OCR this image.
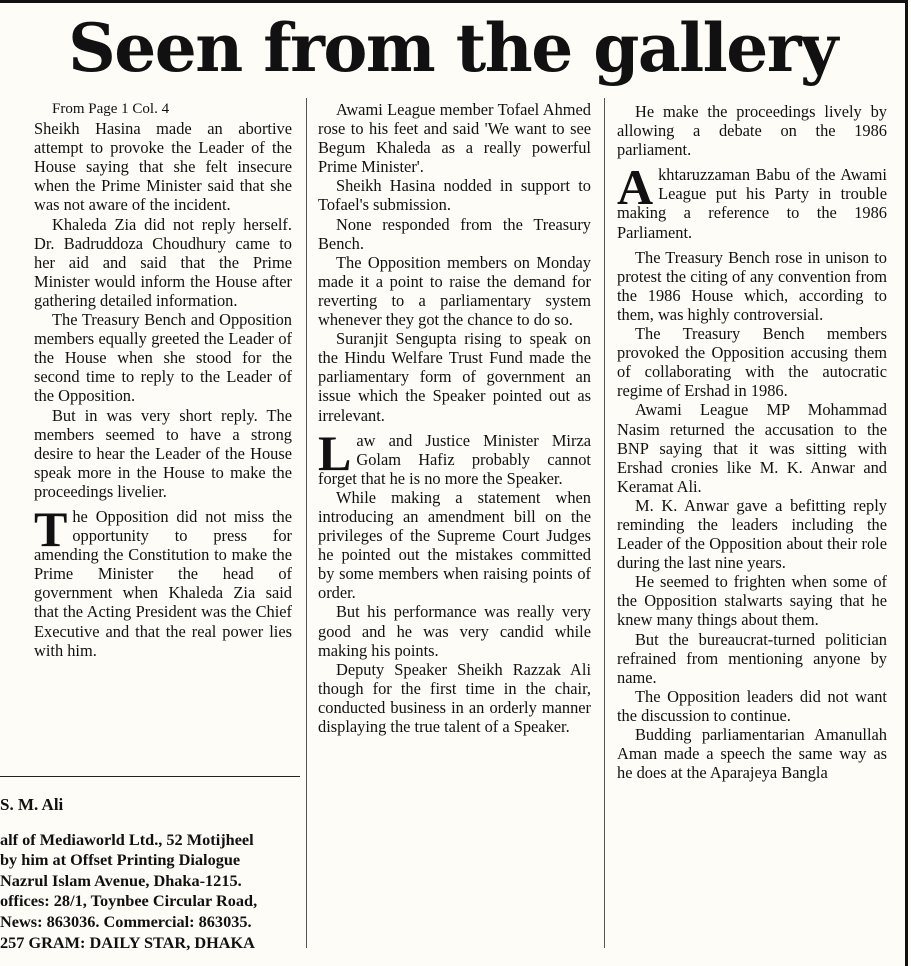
Seen from the gallery

From Page 1 Col. 4

Sheikh Hasina made an abortive attempt to provoke the Leader of the House saying that she felt insecure when the Prime Minister said that she was not aware of the incident.

Khaleda Zia did not reply herself. Dr. Badruddoza Choudhury came to her aid and said that the Prime Minister would inform the House after gathering detailed information.

The Treasury Bench and Opposition members equally greeted the Leader of the House when she stood for the second time to reply to the Leader of the Opposition.

But in was very short reply. The members seemed to have a strong desire to hear the Leader of the House speak more in the House to make the proceedings livelier.

The Opposition did not miss the opportunity to press for amending the Constitution to make the Prime Minister the head of government when Khaleda Zia said that the Acting President was the Chief Executive and that the real power lies with him.

Awami League member Tofael Ahmed rose to his feet and said 'We want to see Begum Khaleda as a really powerful Prime Minister'.

Sheikh Hasina nodded in support to Tofael's submission.

None responded from the Treasury Bench.

The Opposition members on Monday made it a point to raise the demand for reverting to a parliamentary system whenever they got the chance to do so.

Suranjit Sengupta rising to speak on the Hindu Welfare Trust Fund made the parliamentary form of government an issue which the Speaker pointed out as irrelevant.

Law and Justice Minister Mirza Golam Hafiz probably cannot forget that he is no more the Speaker.

While making a statement when introducing an amendment bill on the privileges of the Supreme Court Judges he pointed out the mistakes committed by some members when raising points of order.

But his performance was really very good and he was very candid while making his points.

Deputy Speaker Sheikh Razzak Ali though for the first time in the chair, conducted business in an orderly manner displaying the true talent of a Speaker.

He make the proceedings lively by allowing a debate on the 1986 parliament.

Akhtaruzzaman Babu of the Awami League put his Party in trouble making a reference to the 1986 Parliament.

The Treasury Bench rose in unison to protest the citing of any convention from the 1986 House which, according to them, was highly controversial.

The Treasury Bench members provoked the Opposition accusing them of collaborating with the autocratic regime of Ershad in 1986.

Awami League MP Mohammad Nasim returned the accusation to the BNP saying that it was sitting with Ershad cronies like M. K. Anwar and Keramat Ali.

M. K. Anwar gave a befitting reply reminding the leaders including the Leader of the Opposition about their role during the last nine years.

He seemed to frighten when some of the Opposition stalwarts saying that he knew many things about them.

But the bureaucrat-turned politician refrained from mentioning anyone by name.

The Opposition leaders did not want the discussion to continue.

Budding parliamentarian Amanullah Aman made a speech the same way as he does at the Aparajeya Bangla

S. M. Ali
alf of Mediaworld Ltd., 52 Motijheel
by him at Offset Printing Dialogue
Nazrul Islam Avenue, Dhaka-1215.
offices: 28/1, Toynbee Circular Road,
News: 863036. Commercial: 863035.
257 GRAM: DAILY STAR, DHAKA
